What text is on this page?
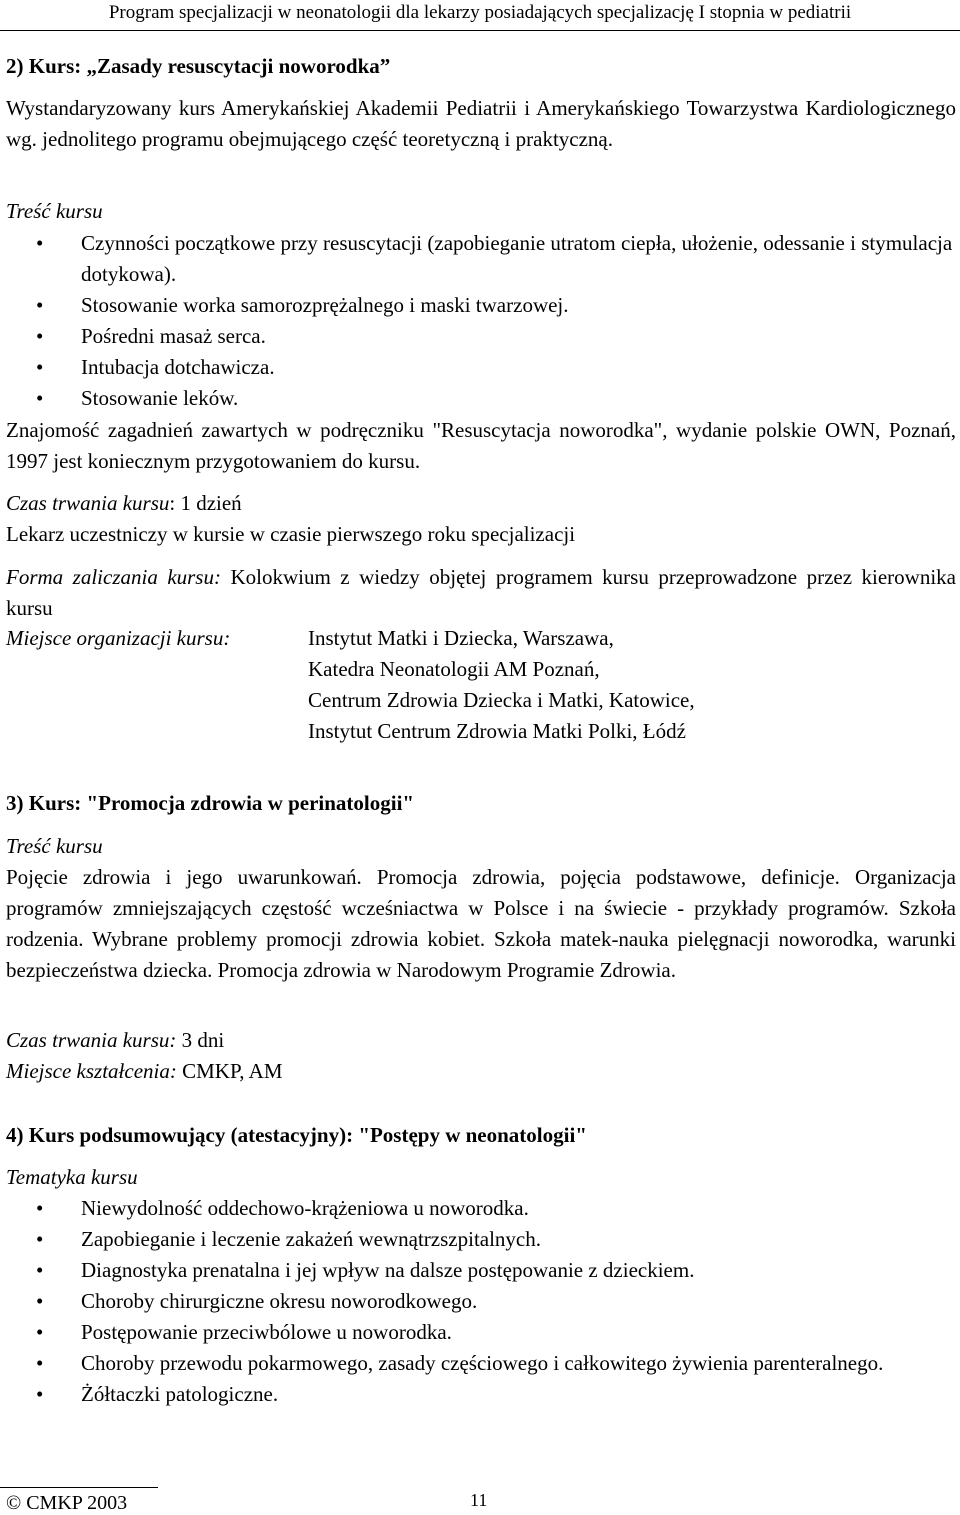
Program specjalizacji w neonatologii dla lekarzy posiadających specjalizację I stopnia w pediatrii
2) Kurs: „Zasady resuscytacji noworodka”
Wystandaryzowany kurs Amerykańskiej Akademii Pediatrii i Amerykańskiego Towarzystwa Kardiologicznego wg. jednolitego programu obejmującego część teoretyczną i praktyczną.
Treść kursu
• Czynności początkowe przy resuscytacji (zapobieganie utratom ciepła, ułożenie, odessanie i stymulacja dotykowa).
• Stosowanie worka samorozprężalnego i maski twarzowej.
• Pośredni masaż serca.
• Intubacja dotchawicza.
• Stosowanie leków.
Znajomość zagadnień zawartych w podręczniku "Resuscytacja noworodka", wydanie polskie OWN, Poznań, 1997 jest koniecznym przygotowaniem do kursu.
Czas trwania kursu: 1 dzień
Lekarz uczestniczy w kursie w czasie pierwszego roku specjalizacji
Forma zaliczania kursu: Kolokwium z wiedzy objętej programem kursu przeprowadzone przez kierownika kursu
Miejsce organizacji kursu:	Instytut Matki i Dziecka, Warszawa,
Katedra Neonatologii AM Poznań,
Centrum Zdrowia Dziecka i Matki, Katowice,
Instytut Centrum Zdrowia Matki Polki, Łódź
3) Kurs: "Promocja zdrowia w perinatologii"
Treść kursu
Pojęcie zdrowia i jego uwarunkowań. Promocja zdrowia, pojęcia podstawowe, definicje. Organizacja programów zmniejszających częstość wcześniactwa w Polsce i na świecie - przykłady programów. Szkoła rodzenia. Wybrane problemy promocji zdrowia kobiet. Szkoła matek-nauka pielęgnacji noworodka, warunki bezpieczeństwa dziecka. Promocja zdrowia w Narodowym Programie Zdrowia.
Czas trwania kursu: 3 dni
Miejsce kształcenia: CMKP, AM
4) Kurs podsumowujący (atestacyjny): "Postępy w neonatologii"
Tematyka kursu
• Niewydolność oddechowo-krążeniowa u noworodka.
• Zapobieganie i leczenie zakażeń wewnątrzszpitalnych.
• Diagnostyka prenatalna i jej wpływ na dalsze postępowanie z dzieckiem.
• Choroby chirurgiczne okresu noworodkowego.
• Postępowanie przeciwbólowe u noworodka.
• Choroby przewodu pokarmowego, zasady częściowego i całkowitego żywienia parenteralnego.
• Żółtaczki patologiczne.
© CMKP 2003	11
